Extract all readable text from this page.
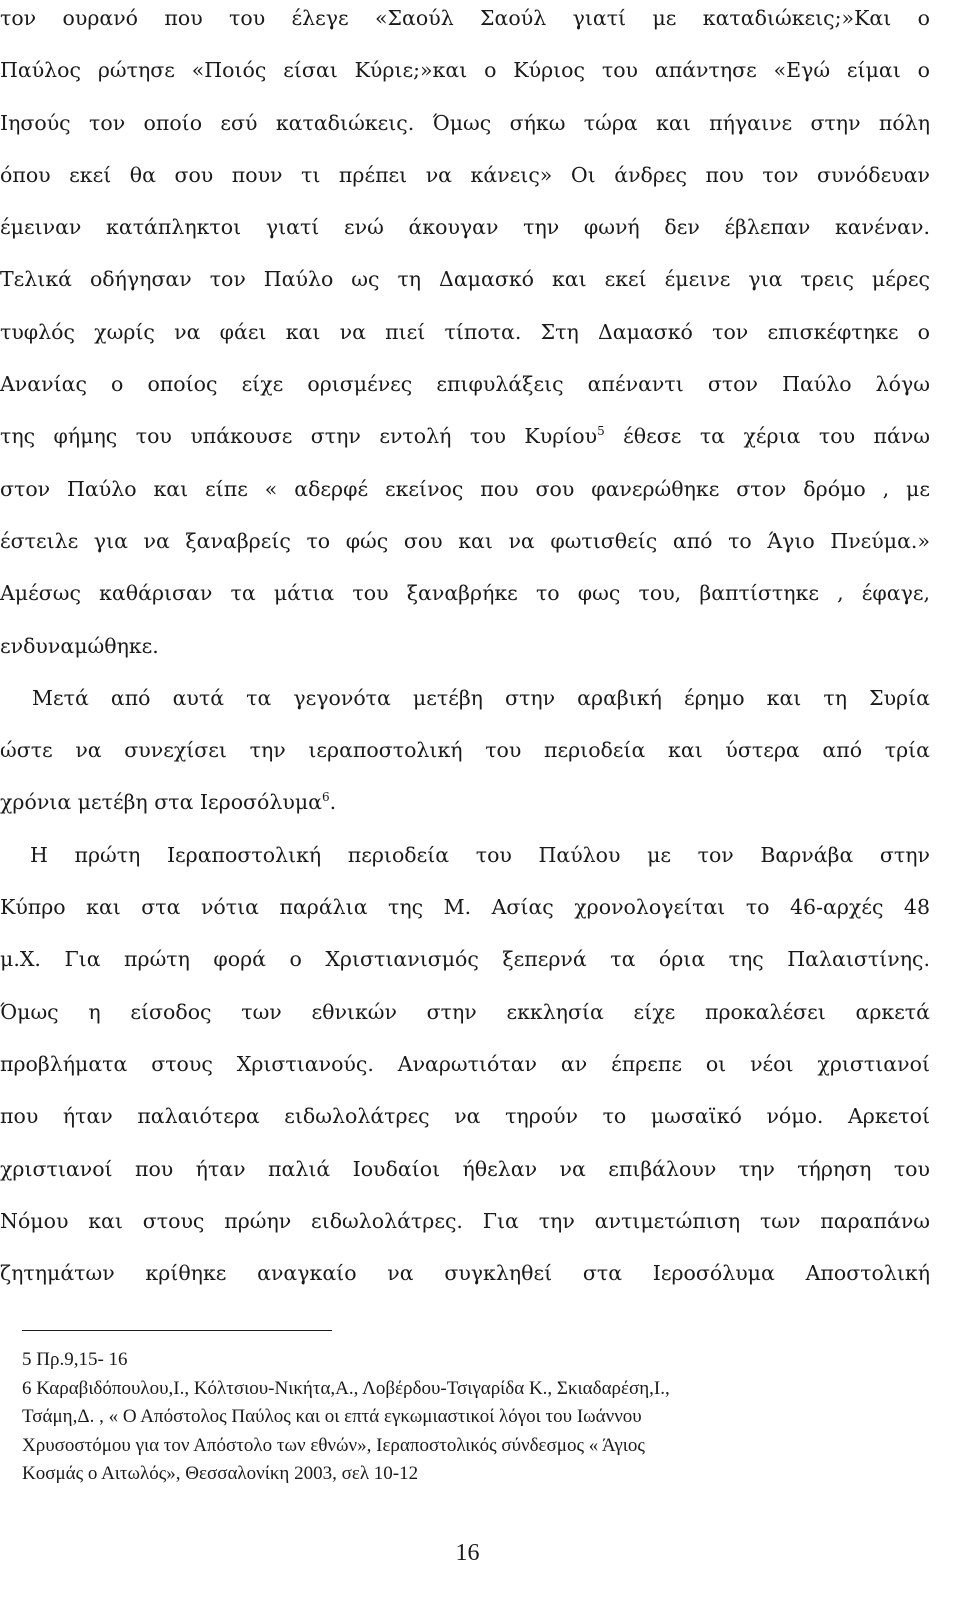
τον ουρανό που του έλεγε «Σαούλ Σαούλ γιατί με καταδιώκεις;»Και ο
Παύλος ρώτησε «Ποιός είσαι Κύριε;»και ο Κύριος του απάντησε «Εγώ είμαι ο
Ιησούς τον οποίο εσύ καταδιώκεις. Όμως σήκω τώρα και πήγαινε στην πόλη
όπου εκεί θα σου πουν τι πρέπει να κάνεις» Οι άνδρες που τον συνόδευαν
έμειναν κατάπληκτοι γιατί ενώ άκουγαν την φωνή δεν έβλεπαν κανέναν.
Τελικά οδήγησαν τον Παύλο ως τη Δαμασκό και εκεί έμεινε για τρεις μέρες
τυφλός χωρίς να φάει και να πιεί τίποτα. Στη Δαμασκό τον επισκέφτηκε ο
Ανανίας ο οποίος είχε ορισμένες επιφυλάξεις απέναντι στον Παύλο λόγω
της φήμης του υπάκουσε στην εντολή του Κυρίου$^5$ έθεσε τα χέρια του πάνω
στον Παύλο και είπε « αδερφέ εκείνος που σου φανερώθηκε στον δρόμο , με
έστειλε για να ξαναβρείς το φώς σου και να φωτισθείς από το Άγιο Πνεύμα.»
Αμέσως καθάρισαν τα μάτια του ξαναβρήκε το φως του, βαπτίστηκε , έφαγε,
ενδυναμώθηκε.
Μετά από αυτά τα γεγονότα μετέβη στην αραβική έρημο και τη Συρία
ώστε να συνεχίσει την ιεραποστολική του περιοδεία και ύστερα από τρία
χρόνια μετέβη στα Ιεροσόλυμα$^6$.
Η πρώτη Ιεραποστολική περιοδεία του Παύλου με τον Βαρνάβα στην
Κύπρο και στα νότια παράλια της Μ. Ασίας χρονολογείται το 46-αρχές 48
μ.Χ. Για πρώτη φορά ο Χριστιανισμός ξεπερνά τα όρια της Παλαιστίνης.
Όμως η είσοδος των εθνικών στην εκκλησία είχε προκαλέσει αρκετά
προβλήματα στους Χριστιανούς. Αναρωτιόταν αν έπρεπε οι νέοι χριστιανοί
που ήταν παλαιότερα ειδωλολάτρες να τηρούν το μωσαϊκό νόμο. Αρκετοί
χριστιανοί που ήταν παλιά Ιουδαίοι ήθελαν να επιβάλουν την τήρηση του
Νόμου και στους πρώην ειδωλολάτρες. Για την αντιμετώπιση των παραπάνω
ζητημάτων κρίθηκε αναγκαίο να συγκληθεί στα Ιεροσόλυμα Αποστολική
5 Πρ.9,15- 16
6 Καραβιδόπουλου,Ι., Κόλτσιου-Νικήτα,Α., Λοβέρδου-Τσιγαρίδα Κ., Σκιαδαρέση,Ι.,
Τσάμη,Δ. , « Ο Απόστολος Παύλος και οι επτά εγκωμιαστικοί λόγοι του Ιωάννου
Χρυσοστόμου για τον Απόστολο των εθνών», Ιεραποστολικός σύνδεσμος « Άγιος
Κοσμάς ο Αιτωλός», Θεσσαλονίκη 2003, σελ 10-12
16
